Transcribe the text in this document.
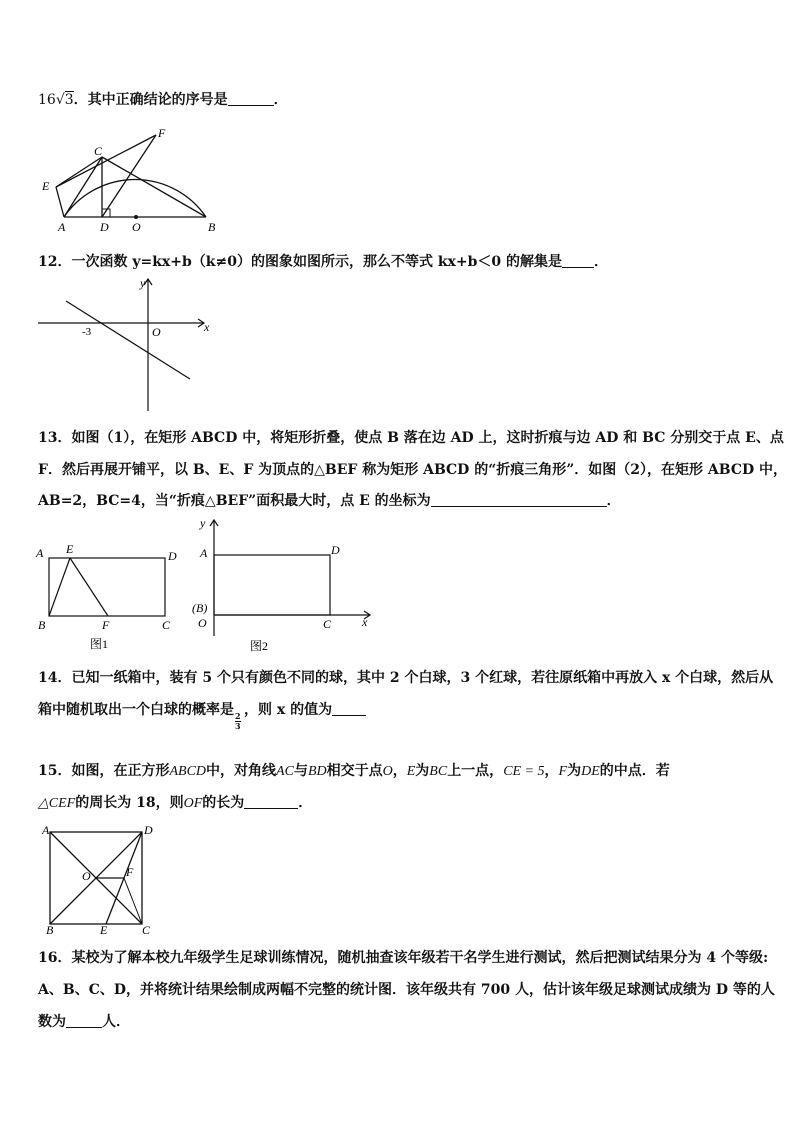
16√3．其中正确结论的序号是	．
F
C
E
A	D O	B
12．一次函数 y=kx+b（k≠0）的图象如图所示，那么不等式 kx+b＜0 的解集是 ．
y
x
O
-3
13．如图（1），在矩形 ABCD 中，将矩形折叠，使点 B 落在边 AD 上，这时折痕与边 AD 和 BC 分别交于点 E、点
F．然后再展开铺平，以 B、E、F 为顶点的△BEF 称为矩形 ABCD 的“折痕三角形”．如图（2），在矩形 ABCD 中，
AB=2，BC=4，当“折痕△BEF”面积最大时，点 E 的坐标为	．
A E	D
B	F	C
图1
y
A	D
(B)
O	C	x
图2
14．已知一纸箱中，装有 5 个只有颜色不同的球，其中 2 个白球，3 个红球，若往原纸箱中再放入 x 个白球，然后从
箱中随机取出一个白球的概率是 $\frac{2}{3}$ ，则 x 的值为
15．如图，在正方形ABCD中，对角线AC与BD相交于点O，E为BC上一点，CE = 5，F为DE的中点．若
△CEF的周长为 18，则OF的长为	．
A	D
O	F
B	E	C
16．某校为了解本校九年级学生足球训练情况，随机抽查该年级若干名学生进行测试，然后把测试结果分为 4 个等级:
A、B、C、D，并将统计结果绘制成两幅不完整的统计图．该年级共有 700 人，估计该年级足球测试成绩为 D 等的人
数为	人．
